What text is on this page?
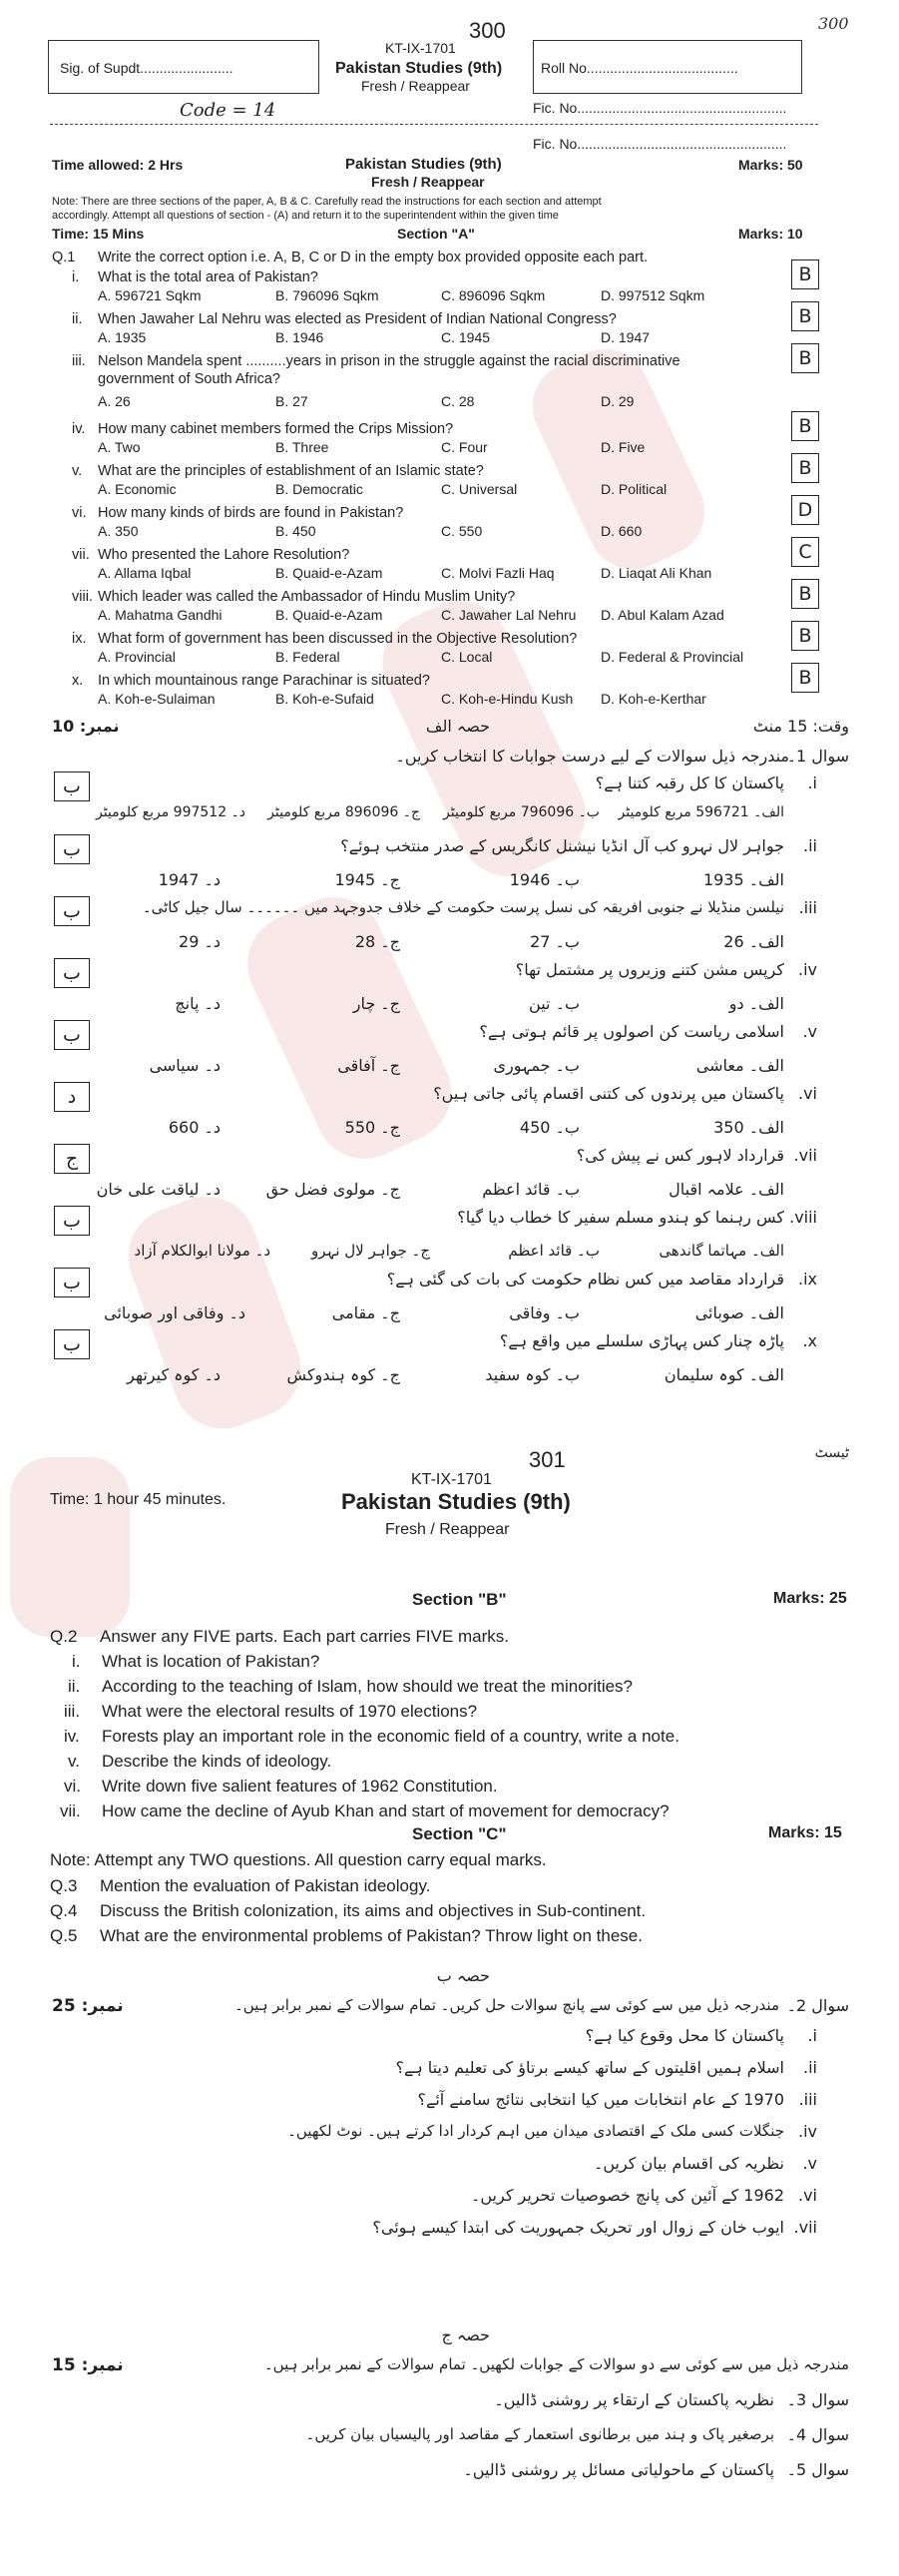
300	300
Sig. of Supdt........................
KT-IX-1701
Pakistan Studies (9th)
Fresh / Reappear
Roll No.......................................
Code = 14	Fic. No......................................................
Fic. No......................................................
Time allowed: 2 Hrs	Pakistan Studies (9th)
Fresh / Reappear
Marks: 50
Note: There are three sections of the paper, A, B & C. Carefully read the instructions for each section and attempt
accordingly. Attempt all questions of section - (A) and return it to the superintendent within the given time
Time: 15 Mins	Section "A"	Marks: 10
Q.1 Write the correct option i.e. A, B, C or D in the empty box provided opposite each part.
i. What is the total area of Pakistan?
A. 596721 Sqkm	B. 796096 Sqkm	C. 896096 Sqkm	D. 997512 Sqkm
B
ii. When Jawaher Lal Nehru was elected as President of Indian National Congress?
A. 1935	B. 1946	C. 1945	D. 1947
B
iii. Nelson Mandela spent ..........years in prison in the struggle against the racial discriminative
government of South Africa?
A. 26	B. 27	C. 28	D. 29
B
iv. How many cabinet members formed the Crips Mission?
A. Two	B. Three	C. Four	D. Five
B
v. What are the principles of establishment of an Islamic state?
A. Economic	B. Democratic	C. Universal	D. Political
B
vi. How many kinds of birds are found in Pakistan?
A. 350	B. 450	C. 550	D. 660
D
vii. Who presented the Lahore Resolution?
A. Allama Iqbal	B. Quaid-e-Azam	C. Molvi Fazli Haq	D. Liaqat Ali Khan
C
viii. Which leader was called the Ambassador of Hindu Muslim Unity?
A. Mahatma Gandhi	B. Quaid-e-Azam	C. Jawaher Lal Nehru D. Abul Kalam Azad
B
ix. What form of government has been discussed in the Objective Resolution?
A. Provincial	B. Federal	C. Local	D. Federal & Provincial
B
x. In which mountainous range Parachinar is situated?
A. Koh-e-Sulaiman	B. Koh-e-Sufaid	C. Koh-e-Hindu Kush D. Koh-e-Kerthar
B
وقت: 15 منٹ
حصہ الف
نمبر: 10
سوال 1۔
مندرجہ ذیل سوالات کے لیے درست جوابات کا انتخاب کریں۔
i.
پاکستان کا کل رقبہ کتنا ہے؟
الف۔ 596721 مربع کلومیٹر
ب۔ 796096 مربع کلومیٹر
ج۔ 896096 مربع کلومیٹر
د۔ 997512 مربع کلومیٹر
ب
ii.
جواہر لال نہرو کب آل انڈیا نیشنل کانگریس کے صدر منتخب ہوئے؟
الف۔ 1935
ب۔ 1946
ج۔ 1945
د۔ 1947
ب
iii.
نیلسن منڈیلا نے جنوبی افریقہ کی نسل پرست حکومت کے خلاف جدوجہد میں ۔۔۔۔۔۔ سال جیل کاٹی۔
الف۔ 26
ب۔ 27
ج۔ 28
د۔ 29
ب
iv.
کرپس مشن کتنے وزیروں پر مشتمل تھا؟
الف۔ دو
ب۔ تین
ج۔ چار
د۔ پانچ
ب
v.
اسلامی ریاست کن اصولوں پر قائم ہوتی ہے؟
الف۔ معاشی
ب۔ جمہوری
ج۔ آفاقی
د۔ سیاسی
ب
vi.
پاکستان میں پرندوں کی کتنی اقسام پائی جاتی ہیں؟
الف۔ 350
ب۔ 450
ج۔ 550
د۔ 660
د
vii.
قرارداد لاہور کس نے پیش کی؟
الف۔ علامہ اقبال
ب۔ قائد اعظم
ج۔ مولوی فضل حق
د۔ لیاقت علی خان
ج
viii.
کس رہنما کو ہندو مسلم سفیر کا خطاب دیا گیا؟
الف۔ مہاتما گاندھی
ب۔ قائد اعظم
ج۔ جواہر لال نہرو
د۔ مولانا ابوالکلام آزاد
ب
ix.
قرارداد مقاصد میں کس نظام حکومت کی بات کی گئی ہے؟
الف۔ صوبائی
ب۔ وفاقی
ج۔ مقامی
د۔ وفاقی اور صوبائی
ب
x.
پاڑہ چنار کس پہاڑی سلسلے میں واقع ہے؟
الف۔ کوہ سلیمان
ب۔ کوہ سفید
ج۔ کوہ ہندوکش
د۔ کوہ کیرتھر
ب
301	ٹیسٹ
KT-IX-1701
Time: 1 hour 45 minutes.	Pakistan Studies (9th)
Fresh / Reappear
Section "B"	Marks: 25
Q.2 Answer any FIVE parts. Each part carries FIVE marks.
i. What is location of Pakistan?
ii. According to the teaching of Islam, how should we treat the minorities?
iii. What were the electoral results of 1970 elections?
iv. Forests play an important role in the economic field of a country, write a note.
v. Describe the kinds of ideology.
vi. Write down five salient features of 1962 Constitution.
vii. How came the decline of Ayub Khan and start of movement for democracy?
Section "C"	Marks: 15
Note: Attempt any TWO questions. All question carry equal marks.
Q.3 Mention the evaluation of Pakistan ideology.
Q.4 Discuss the British colonization, its aims and objectives in Sub-continent.
Q.5 What are the environmental problems of Pakistan? Throw light on these.
حصہ ب
نمبر: 25	سوال 2۔
مندرجہ ذیل میں سے کوئی سے پانچ سوالات حل کریں۔ تمام سوالات کے نمبر برابر ہیں۔
i.
پاکستان کا محل وقوع کیا ہے؟
ii.
اسلام ہمیں اقلیتوں کے ساتھ کیسے برتاؤ کی تعلیم دیتا ہے؟
iii.
1970 کے عام انتخابات میں کیا انتخابی نتائج سامنے آئے؟
iv.
جنگلات کسی ملک کے اقتصادی میدان میں اہم کردار ادا کرتے ہیں۔ نوٹ لکھیں۔
v.
نظریہ کی اقسام بیان کریں۔
vi.
1962 کے آئین کی پانچ خصوصیات تحریر کریں۔
vii.
ایوب خان کے زوال اور تحریک جمہوریت کی ابتدا کیسے ہوئی؟
حصہ ج
نمبر: 15	مندرجہ ذیل میں سے کوئی سے دو سوالات کے جوابات لکھیں۔ تمام سوالات کے نمبر برابر ہیں۔
سوال 3۔
نظریہ پاکستان کے ارتقاء پر روشنی ڈالیں۔
سوال 4۔
برصغیر پاک و ہند میں برطانوی استعمار کے مقاصد اور پالیسیاں بیان کریں۔
سوال 5۔
پاکستان کے ماحولیاتی مسائل پر روشنی ڈالیں۔
